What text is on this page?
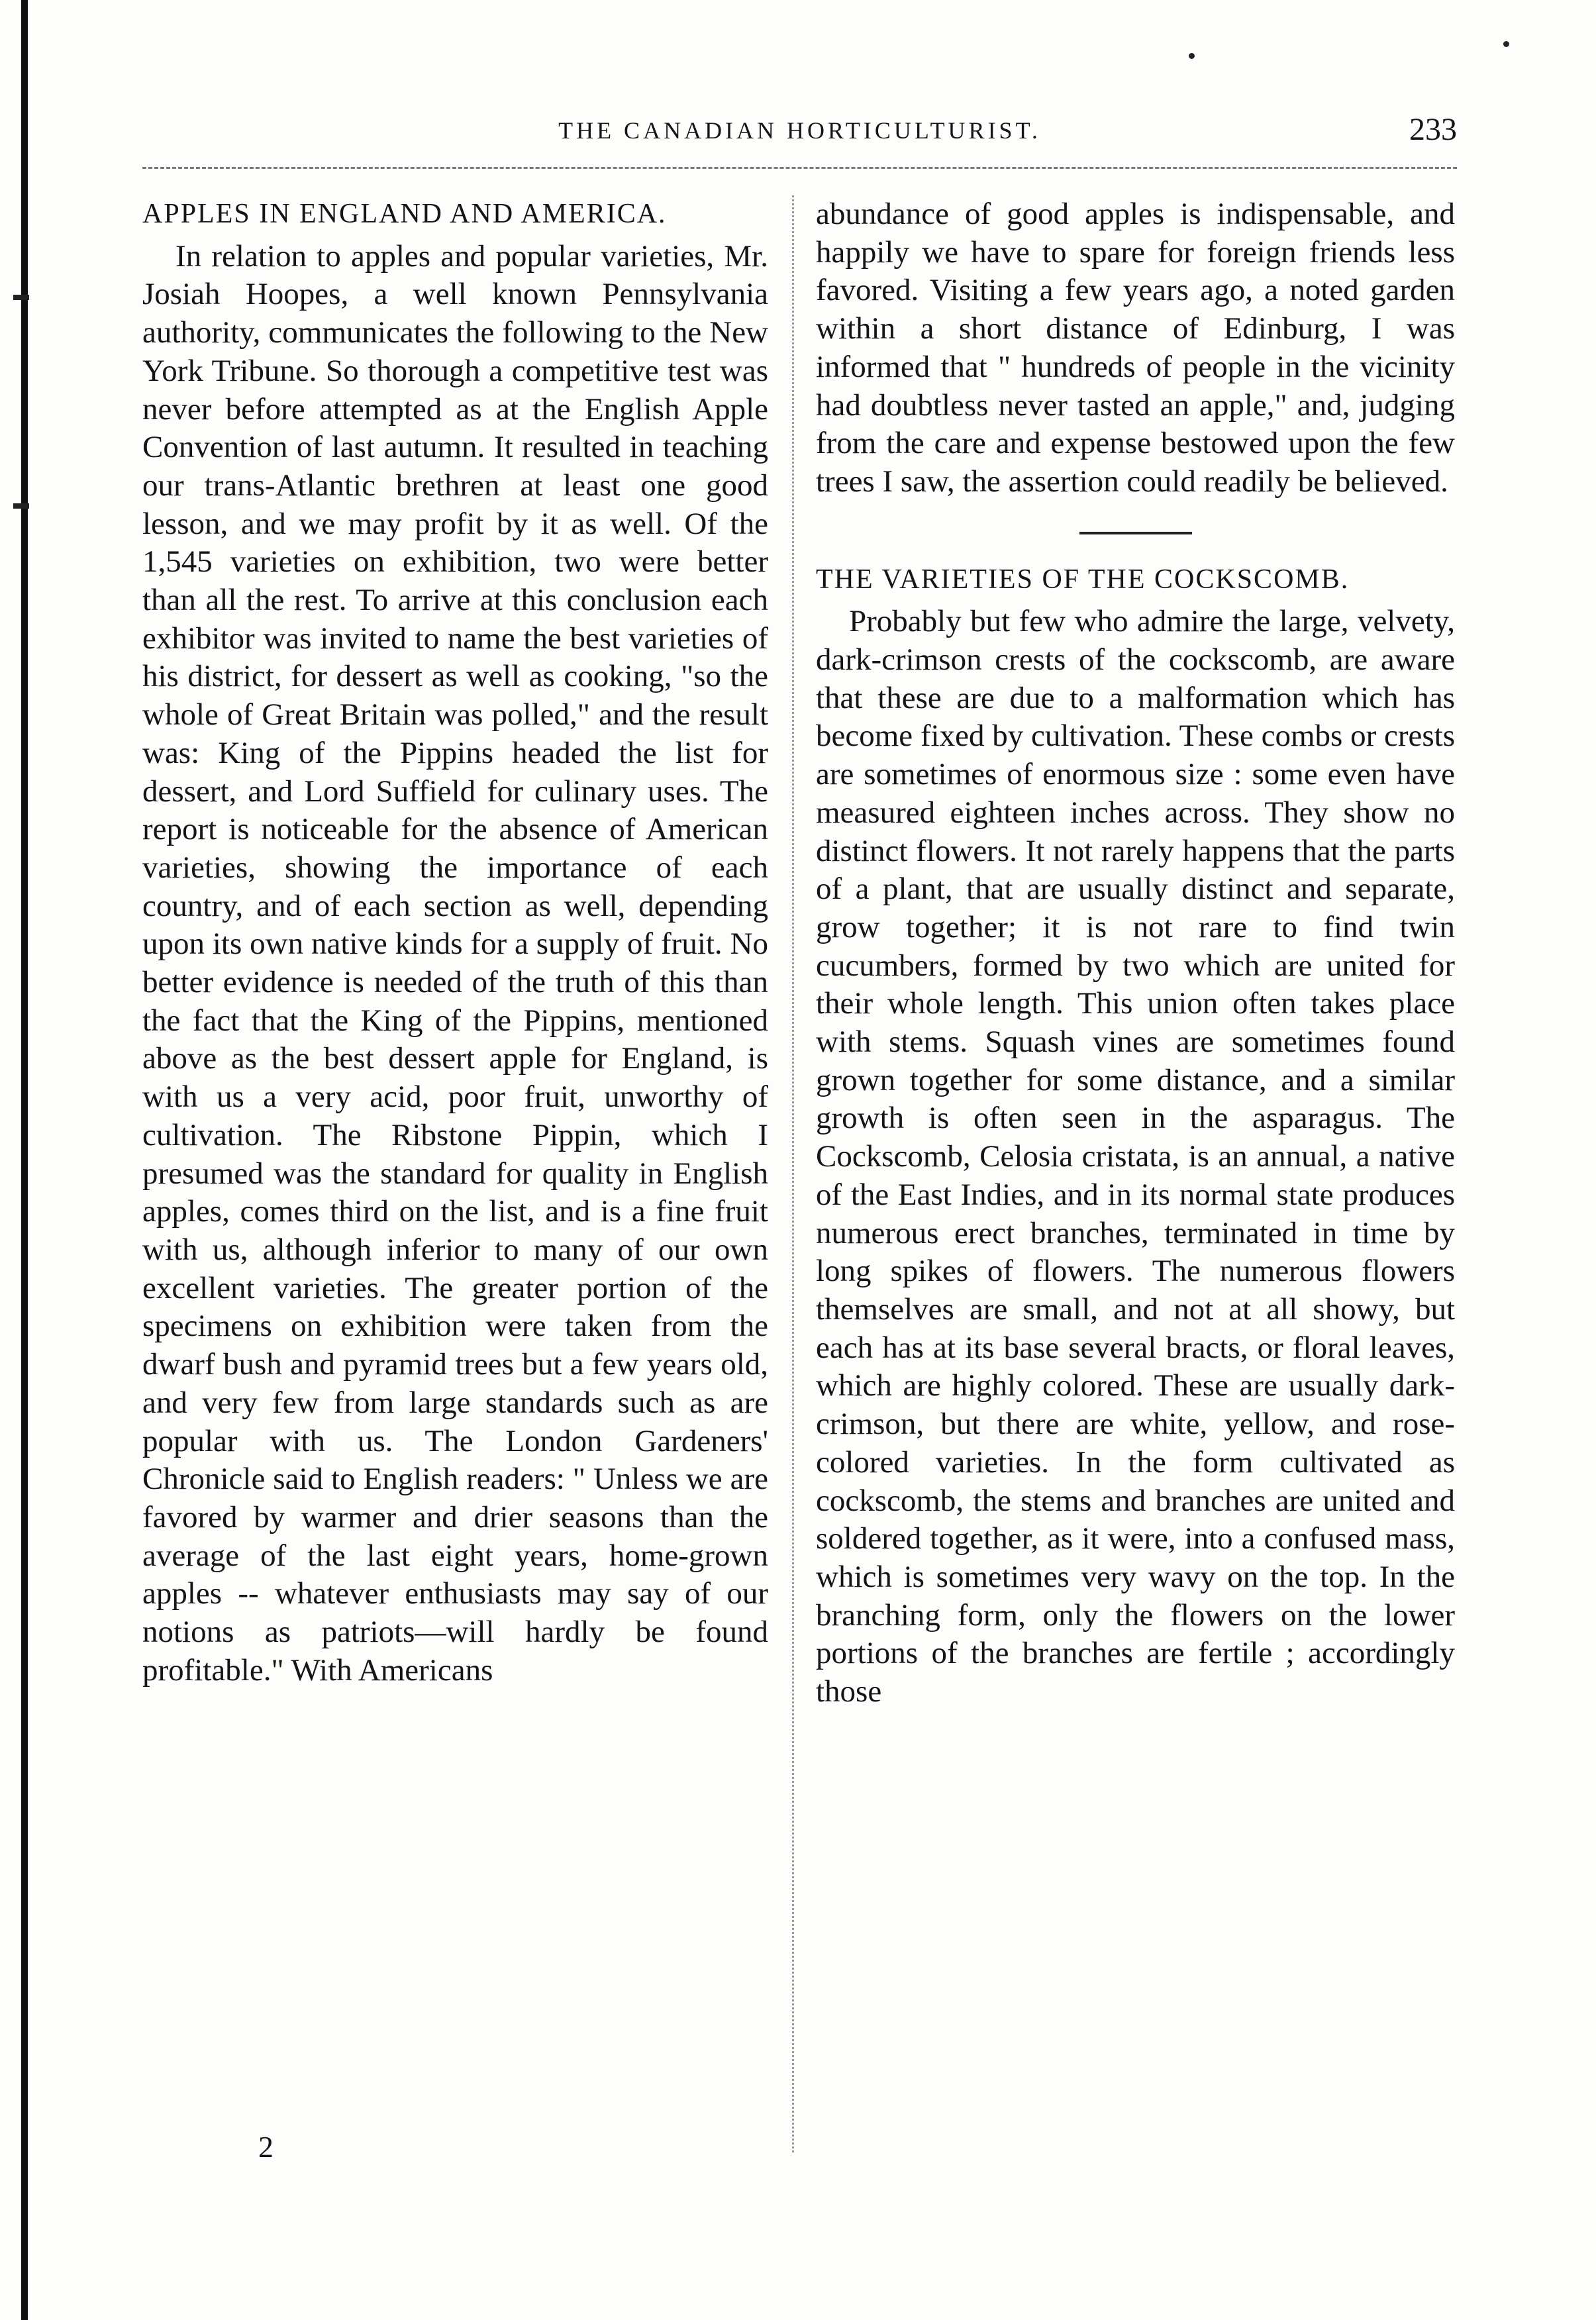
THE CANADIAN HORTICULTURIST.	233
APPLES IN ENGLAND AND AMERICA.

In relation to apples and popular varieties, Mr. Josiah Hoopes, a well known Pennsylvania authority, communicates the following to the New York Tribune. So thorough a competitive test was never before attempted as at the English Apple Convention of last autumn. It resulted in teaching our trans-Atlantic brethren at least one good lesson, and we may profit by it as well. Of the 1,545 varieties on exhibition, two were better than all the rest. To arrive at this conclusion each exhibitor was invited to name the best varieties of his district, for dessert as well as cooking, "so the whole of Great Britain was polled," and the result was: King of the Pippins headed the list for dessert, and Lord Suffield for culinary uses. The report is noticeable for the absence of American varieties, showing the importance of each country, and of each section as well, depending upon its own native kinds for a supply of fruit. No better evidence is needed of the truth of this than the fact that the King of the Pippins, mentioned above as the best dessert apple for England, is with us a very acid, poor fruit, unworthy of cultivation. The Ribstone Pippin, which I presumed was the standard for quality in English apples, comes third on the list, and is a fine fruit with us, although inferior to many of our own excellent varieties. The greater portion of the specimens on exhibition were taken from the dwarf bush and pyramid trees but a few years old, and very few from large standards such as are popular with us. The London Gardeners' Chronicle said to English readers: " Unless we are favored by warmer and drier seasons than the average of the last eight years, home-grown apples -- whatever enthusiasts may say of our notions as patriots—will hardly be found profitable." With Americans

abundance of good apples is indispensable, and happily we have to spare for foreign friends less favored. Visiting a few years ago, a noted garden within a short distance of Edinburg, I was informed that " hundreds of people in the vicinity had doubtless never tasted an apple," and, judging from the care and expense bestowed upon the few trees I saw, the assertion could readily be believed.

THE VARIETIES OF THE COCKSCOMB.

Probably but few who admire the large, velvety, dark-crimson crests of the cockscomb, are aware that these are due to a malformation which has become fixed by cultivation. These combs or crests are sometimes of enormous size : some even have measured eighteen inches across. They show no distinct flowers. It not rarely happens that the parts of a plant, that are usually distinct and separate, grow together; it is not rare to find twin cucumbers, formed by two which are united for their whole length. This union often takes place with stems. Squash vines are sometimes found grown together for some distance, and a similar growth is often seen in the asparagus. The Cockscomb, Celosia cristata, is an annual, a native of the East Indies, and in its normal state produces numerous erect branches, terminated in time by long spikes of flowers. The numerous flowers themselves are small, and not at all showy, but each has at its base several bracts, or floral leaves, which are highly colored. These are usually dark-crimson, but there are white, yellow, and rose-colored varieties. In the form cultivated as cockscomb, the stems and branches are united and soldered together, as it were, into a confused mass, which is sometimes very wavy on the top. In the branching form, only the flowers on the lower portions of the branches are fertile ; accordingly those

2
